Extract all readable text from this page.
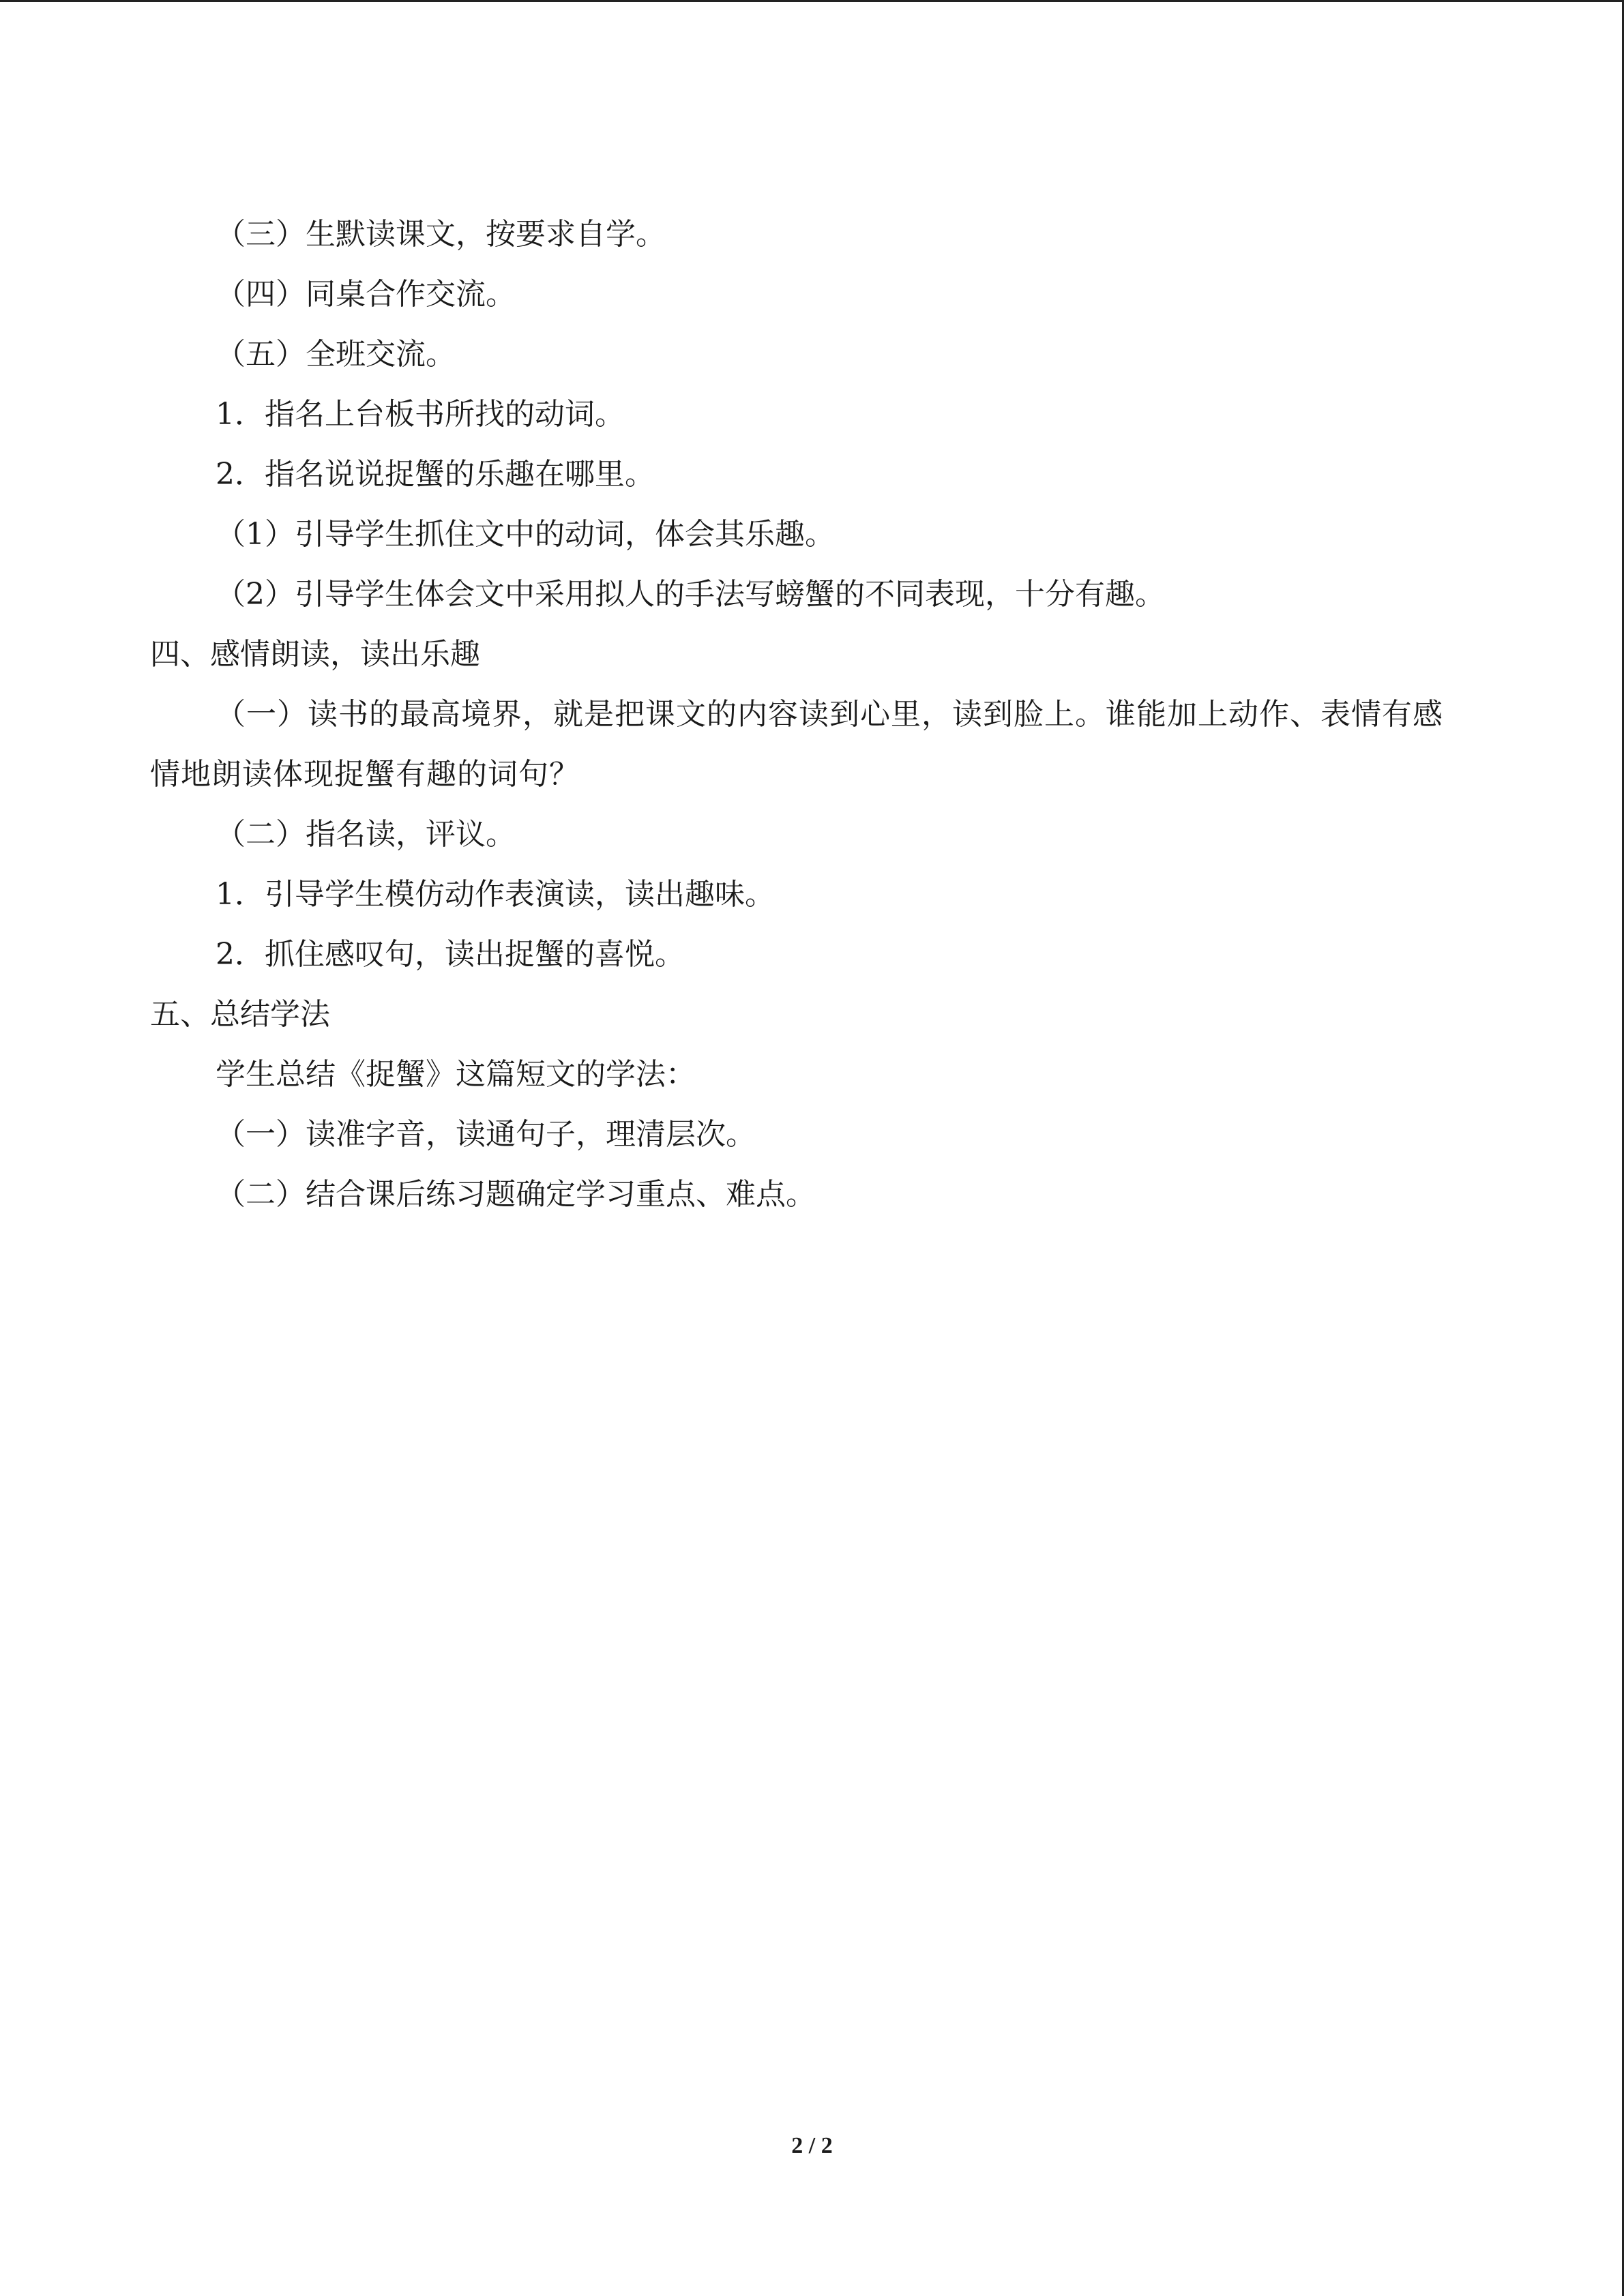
（三）生默读课文，按要求自学。
（四）同桌合作交流。
（五）全班交流。
1．指名上台板书所找的动词。
2．指名说说捉蟹的乐趣在哪里。
（1）引导学生抓住文中的动词，体会其乐趣。
（2）引导学生体会文中采用拟人的手法写螃蟹的不同表现，十分有趣。
四、感情朗读，读出乐趣
（一）读书的最高境界，就是把课文的内容读到心里，读到脸上。谁能加上动作、表情有感情地朗读体现捉蟹有趣的词句？
（二）指名读，评议。
1．引导学生模仿动作表演读，读出趣味。
2．抓住感叹句，读出捉蟹的喜悦。
五、总结学法
学生总结《捉蟹》这篇短文的学法：
（一）读准字音，读通句子，理清层次。
（二）结合课后练习题确定学习重点、难点。
2 / 2
